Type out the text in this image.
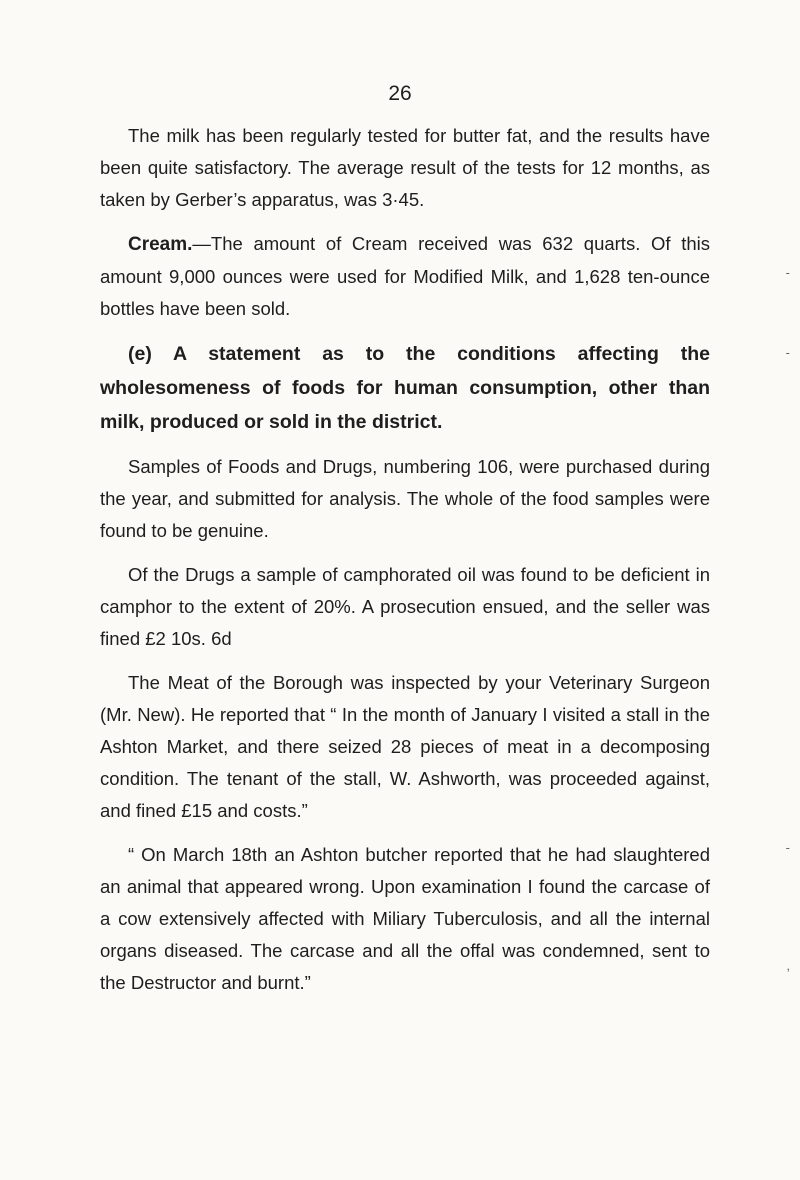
26

The milk has been regularly tested for butter fat, and the results have been quite satisfactory. The average result of the tests for 12 months, as taken by Gerber’s apparatus, was 3·45.

Cream.—The amount of Cream received was 632 quarts. Of this amount 9,000 ounces were used for Modified Milk, and 1,628 ten-ounce bottles have been sold.

(e) A statement as to the conditions affecting the wholesomeness of foods for human consumption, other than milk, produced or sold in the district.

Samples of Foods and Drugs, numbering 106, were purchased during the year, and submitted for analysis. The whole of the food samples were found to be genuine.

Of the Drugs a sample of camphorated oil was found to be deficient in camphor to the extent of 20%. A prosecution ensued, and the seller was fined £2 10s. 6d

The Meat of the Borough was inspected by your Veterinary Surgeon (Mr. New). He reported that “ In the month of January I visited a stall in the Ashton Market, and there seized 28 pieces of meat in a decomposing condition. The tenant of the stall, W. Ashworth, was proceeded against, and fined £15 and costs.”

“ On March 18th an Ashton butcher reported that he had slaughtered an animal that appeared wrong. Upon examination I found the carcase of a cow extensively affected with Miliary Tuberculosis, and all the internal organs diseased. The carcase and all the offal was condemned, sent to the Destructor and burnt.”

-
-
-
,
